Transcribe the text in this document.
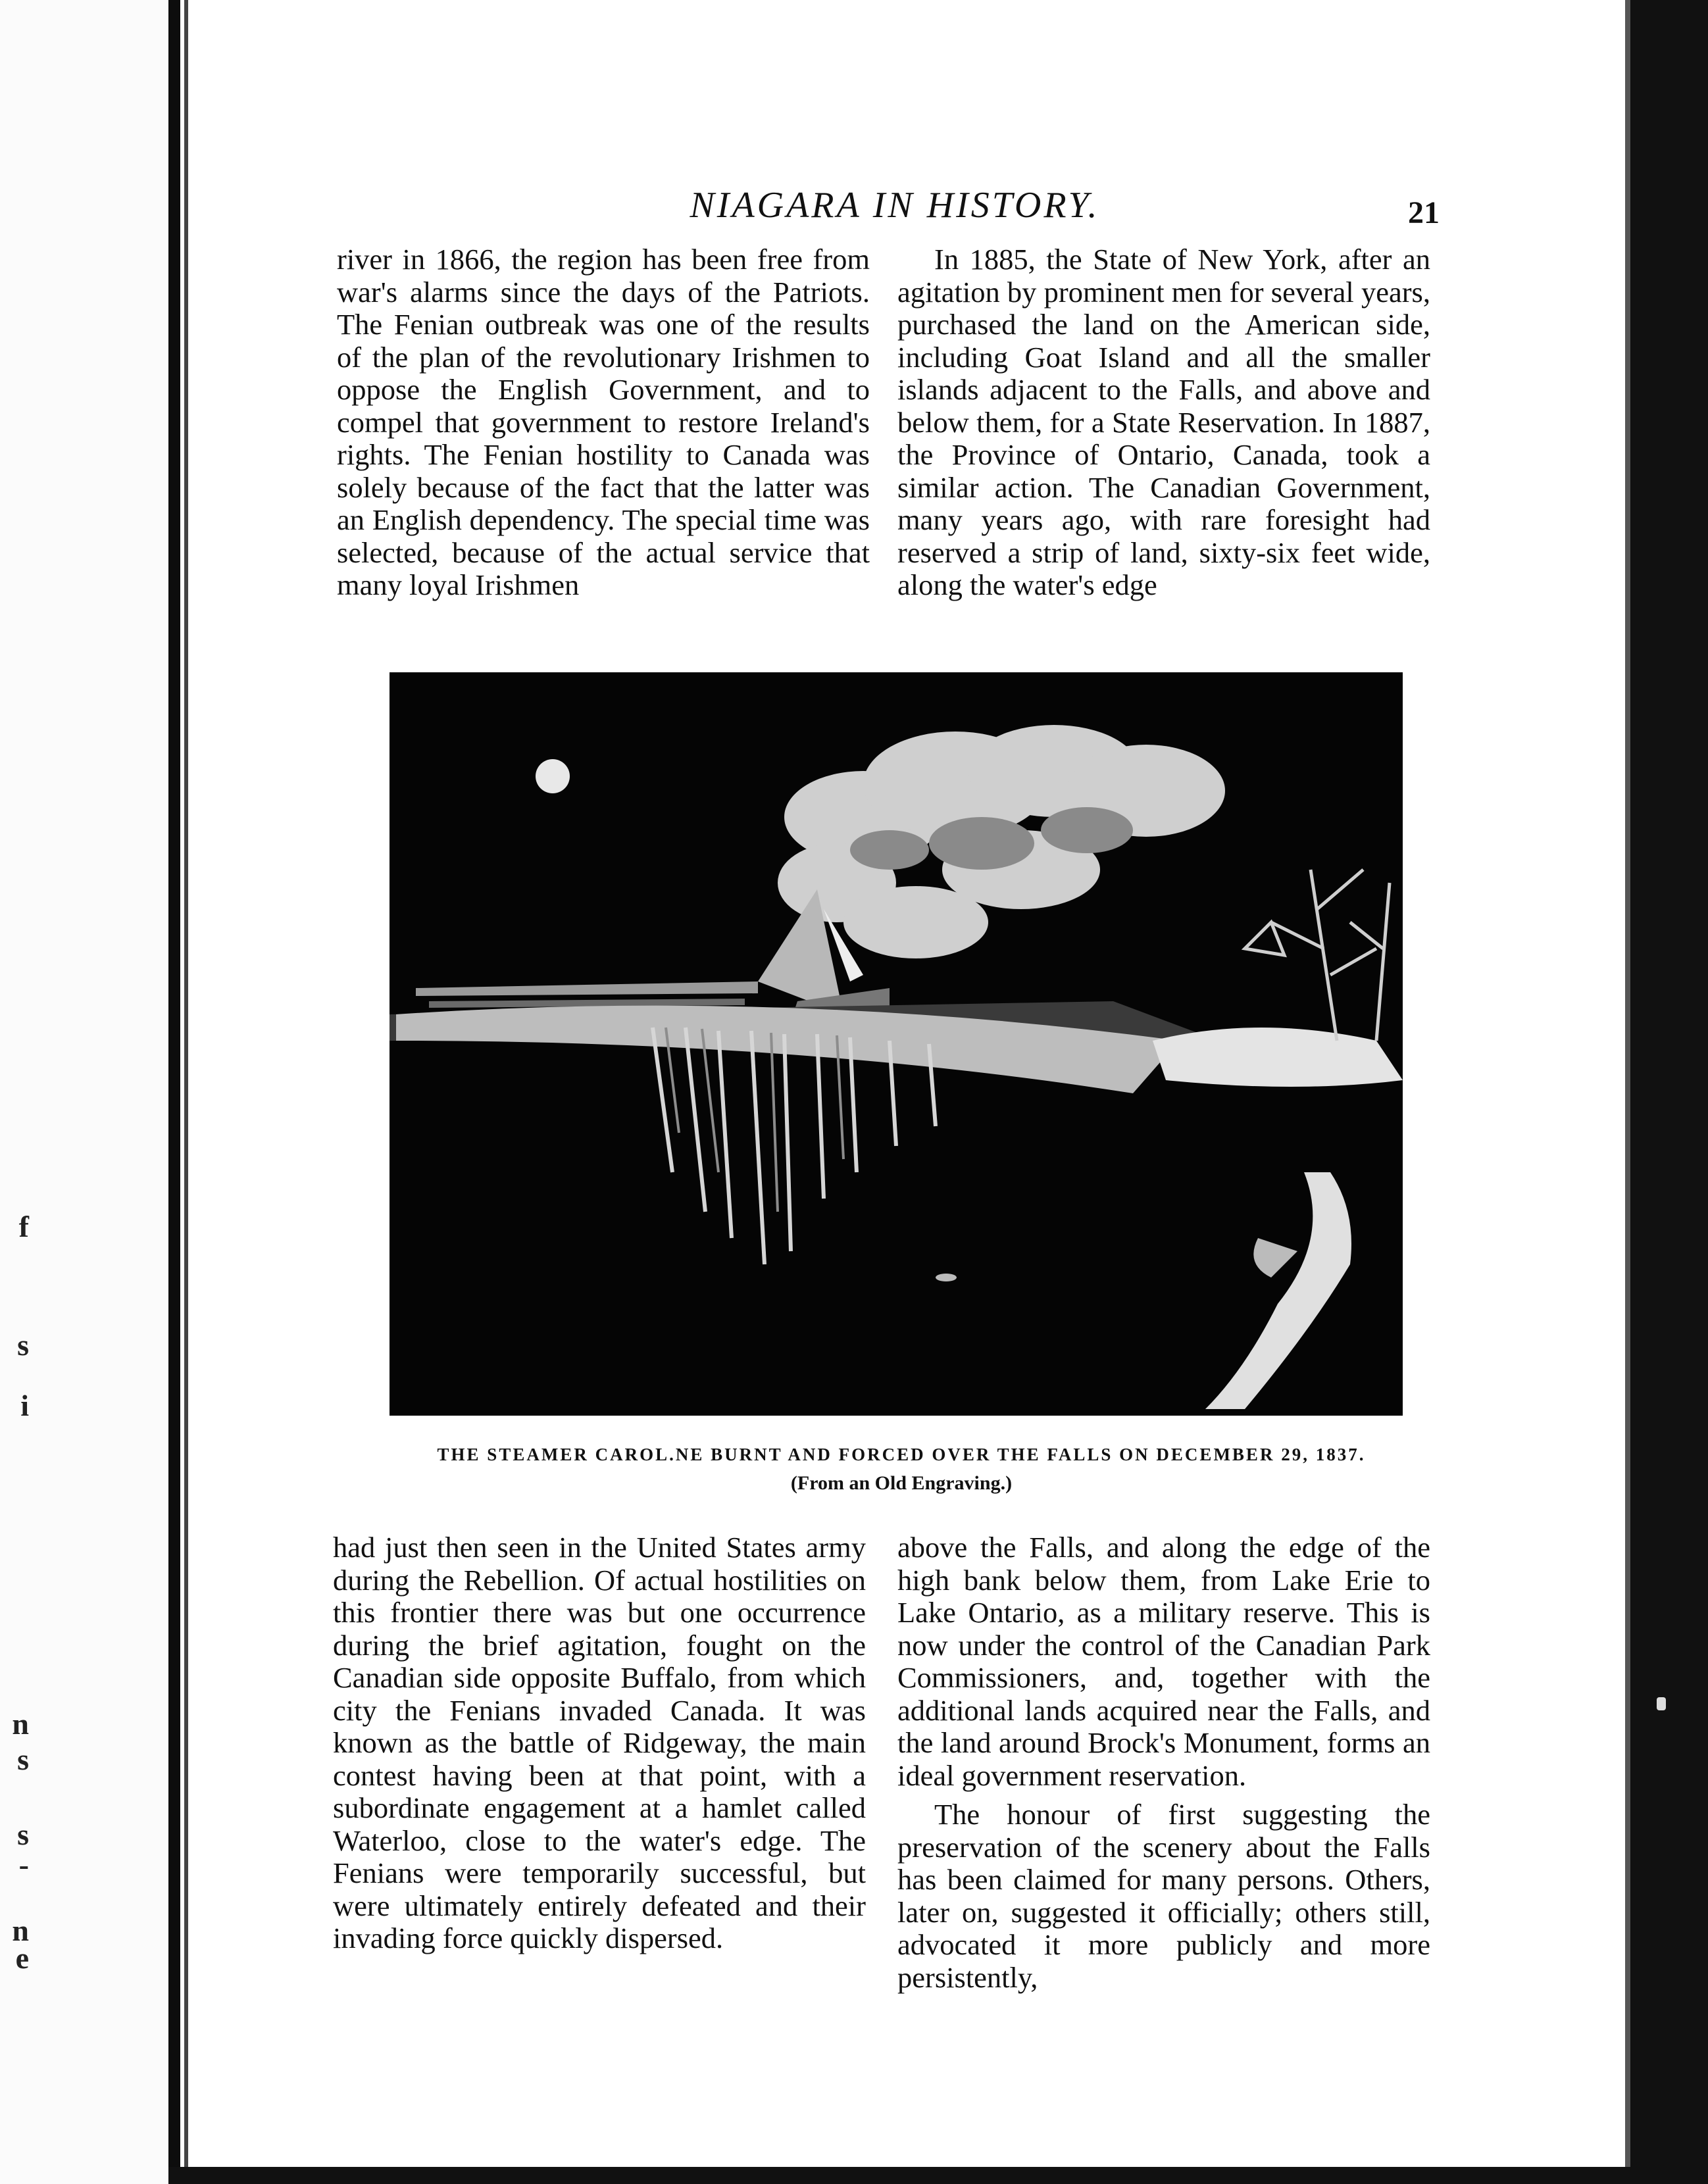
f
s
i
n
s
s
-
n
e
NIAGARA IN HISTORY.	21

river in 1866, the region has been free from war's alarms since the days of the Patriots. The Fenian outbreak was one of the results of the plan of the revolutionary Irishmen to oppose the English Government, and to compel that government to restore Ireland's rights. The Fenian hostility to Canada was solely because of the fact that the latter was an English dependency. The special time was selected, because of the actual service that many loyal Irishmen

In 1885, the State of New York, after an agitation by prominent men for several years, purchased the land on the American side, including Goat Island and all the smaller islands adjacent to the Falls, and above and below them, for a State Reservation. In 1887, the Province of Ontario, Canada, took a similar action. The Canadian Government, many years ago, with rare foresight had reserved a strip of land, sixty-six feet wide, along the water's edge

THE STEAMER CAROL.NE BURNT AND FORCED OVER THE FALLS ON DECEMBER 29, 1837.
(From an Old Engraving.)

had just then seen in the United States army during the Rebellion. Of actual hostilities on this frontier there was but one occurrence during the brief agitation, fought on the Canadian side opposite Buffalo, from which city the Fenians invaded Canada. It was known as the battle of Ridgeway, the main contest having been at that point, with a subordinate engagement at a hamlet called Waterloo, close to the water's edge. The Fenians were temporarily successful, but were ultimately entirely defeated and their invading force quickly dispersed.

above the Falls, and along the edge of the high bank below them, from Lake Erie to Lake Ontario, as a military reserve. This is now under the control of the Canadian Park Commissioners, and, together with the additional lands acquired near the Falls, and the land around Brock's Monument, forms an ideal government reservation.

The honour of first suggesting the preservation of the scenery about the Falls has been claimed for many persons. Others, later on, suggested it officially; others still, advocated it more publicly and more persistently,
